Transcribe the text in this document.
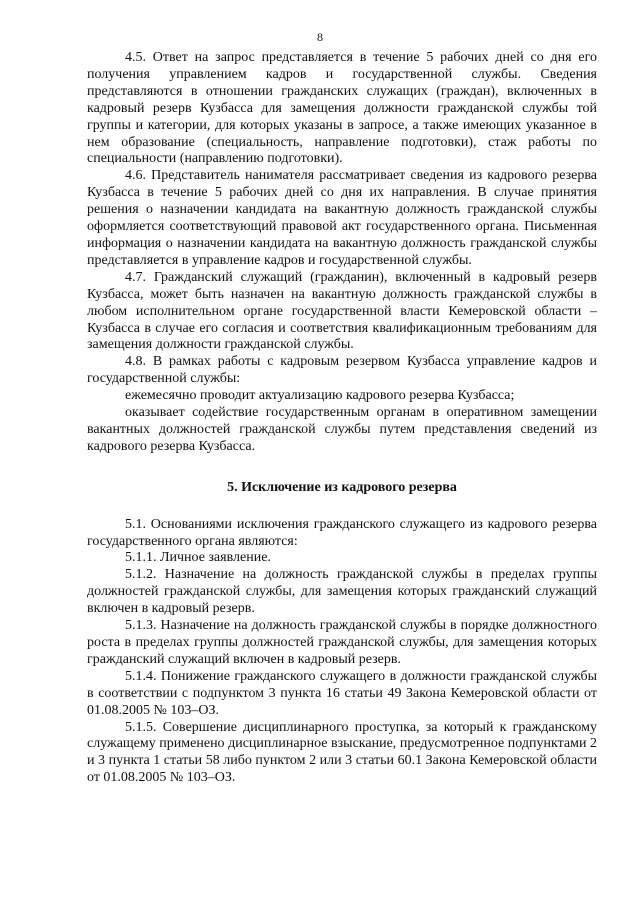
8

4.5. Ответ на запрос представляется в течение 5 рабочих дней со дня его получения управлением кадров и государственной службы. Сведения представляются в отношении гражданских служащих (граждан), включенных в кадровый резерв Кузбасса для замещения должности гражданской службы той группы и категории, для которых указаны в запросе, а также имеющих указанное в нем образование (специальность, направление подготовки), стаж работы по специальности (направлению подготовки).

4.6. Представитель нанимателя рассматривает сведения из кадрового резерва Кузбасса в течение 5 рабочих дней со дня их направления. В случае принятия решения о назначении кандидата на вакантную должность гражданской службы оформляется соответствующий правовой акт государственного органа. Письменная информация о назначении кандидата на вакантную должность гражданской службы представляется в управление кадров и государственной службы.

4.7. Гражданский служащий (гражданин), включенный в кадровый резерв Кузбасса, может быть назначен на вакантную должность гражданской службы в любом исполнительном органе государственной власти Кемеровской области – Кузбасса в случае его согласия и соответствия квалификационным требованиям для замещения должности гражданской службы.

4.8. В рамках работы с кадровым резервом Кузбасса управление кадров и государственной службы:

ежемесячно проводит актуализацию кадрового резерва Кузбасса;

оказывает содействие государственным органам в оперативном замещении вакантных должностей гражданской службы путем представления сведений из кадрового резерва Кузбасса.

5. Исключение из кадрового резерва

5.1. Основаниями исключения гражданского служащего из кадрового резерва государственного органа являются:

5.1.1. Личное заявление.

5.1.2. Назначение на должность гражданской службы в пределах группы должностей гражданской службы, для замещения которых гражданский служащий включен в кадровый резерв.

5.1.3. Назначение на должность гражданской службы в порядке должностного роста в пределах группы должностей гражданской службы, для замещения которых гражданский служащий включен в кадровый резерв.

5.1.4. Понижение гражданского служащего в должности гражданской службы в соответствии с подпунктом 3 пункта 16 статьи 49 Закона Кемеровской области от 01.08.2005 № 103–ОЗ.

5.1.5. Совершение дисциплинарного проступка, за который к гражданскому служащему применено дисциплинарное взыскание, предусмотренное подпунктами 2 и 3 пункта 1 статьи 58 либо пунктом 2 или 3 статьи 60.1 Закона Кемеровской области от 01.08.2005 № 103–ОЗ.
